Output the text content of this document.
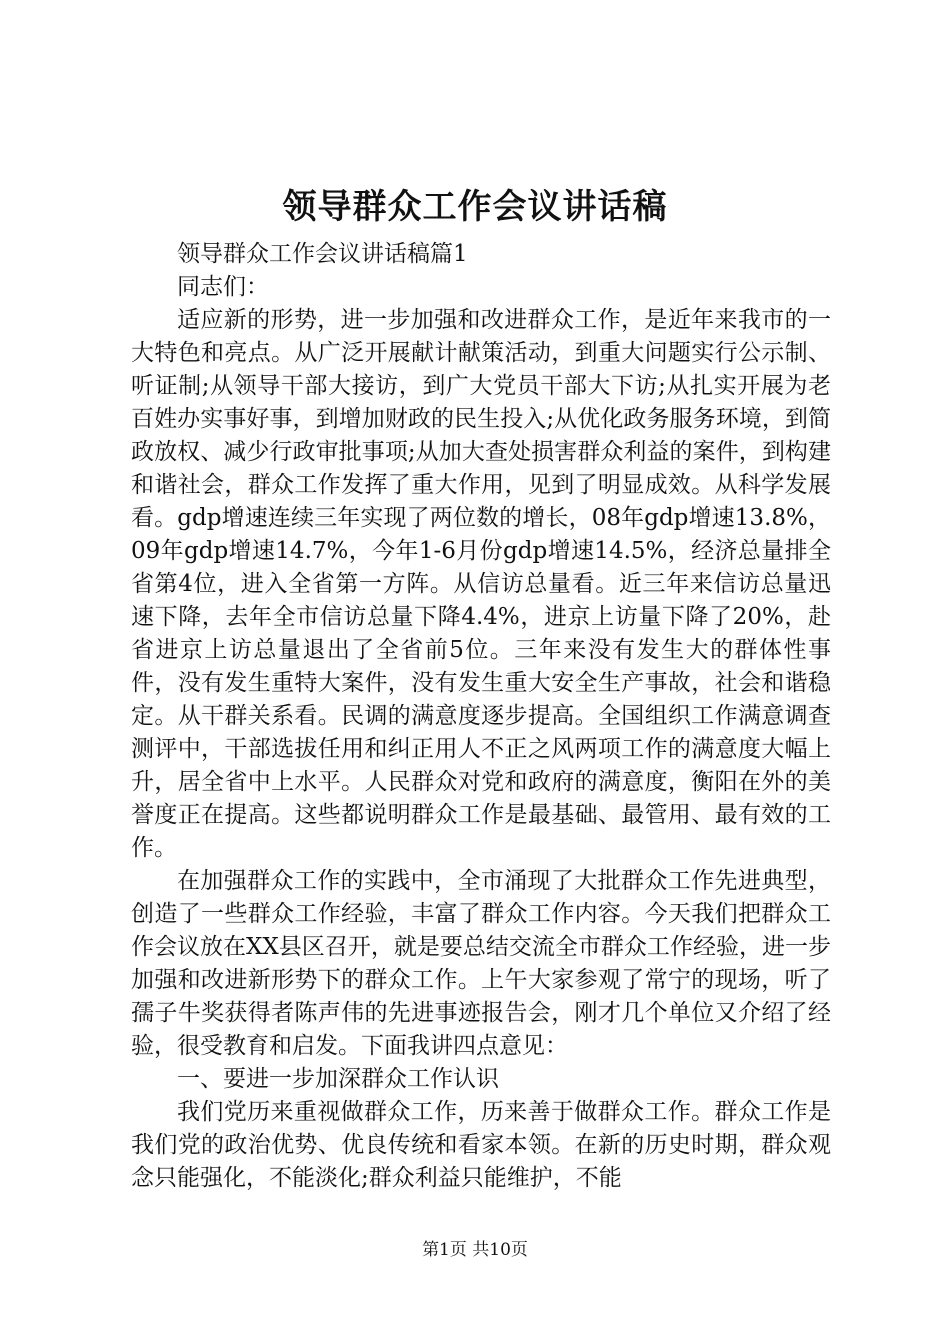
领导群众工作会议讲话稿

领导群众工作会议讲话稿篇1

同志们：

适应新的形势，进一步加强和改进群众工作，是近年来我市的一大特色和亮点。从广泛开展献计献策活动，到重大问题实行公示制、听证制;从领导干部大接访，到广大党员干部大下访;从扎实开展为老百姓办实事好事，到增加财政的民生投入;从优化政务服务环境，到简政放权、减少行政审批事项;从加大查处损害群众利益的案件，到构建和谐社会，群众工作发挥了重大作用，见到了明显成效。从科学发展看。gdp增速连续三年实现了两位数的增长，08年gdp增速13.8%，09年gdp增速14.7%，今年1-6月份gdp增速14.5%，经济总量排全省第4位，进入全省第一方阵。从信访总量看。近三年来信访总量迅速下降，去年全市信访总量下降4.4%，进京上访量下降了20%，赴省进京上访总量退出了全省前5位。三年来没有发生大的群体性事件，没有发生重特大案件，没有发生重大安全生产事故，社会和谐稳定。从干群关系看。民调的满意度逐步提高。全国组织工作满意调查测评中，干部选拔任用和纠正用人不正之风两项工作的满意度大幅上升，居全省中上水平。人民群众对党和政府的满意度，衡阳在外的美誉度正在提高。这些都说明群众工作是最基础、最管用、最有效的工作。

在加强群众工作的实践中，全市涌现了大批群众工作先进典型，创造了一些群众工作经验，丰富了群众工作内容。今天我们把群众工作会议放在XX县区召开，就是要总结交流全市群众工作经验，进一步加强和改进新形势下的群众工作。上午大家参观了常宁的现场，听了孺子牛奖获得者陈声伟的先进事迹报告会，刚才几个单位又介绍了经验，很受教育和启发。下面我讲四点意见：

一、要进一步加深群众工作认识

我们党历来重视做群众工作，历来善于做群众工作。群众工作是我们党的政治优势、优良传统和看家本领。在新的历史时期，群众观念只能强化，不能淡化;群众利益只能维护，不能

第1页 共10页
